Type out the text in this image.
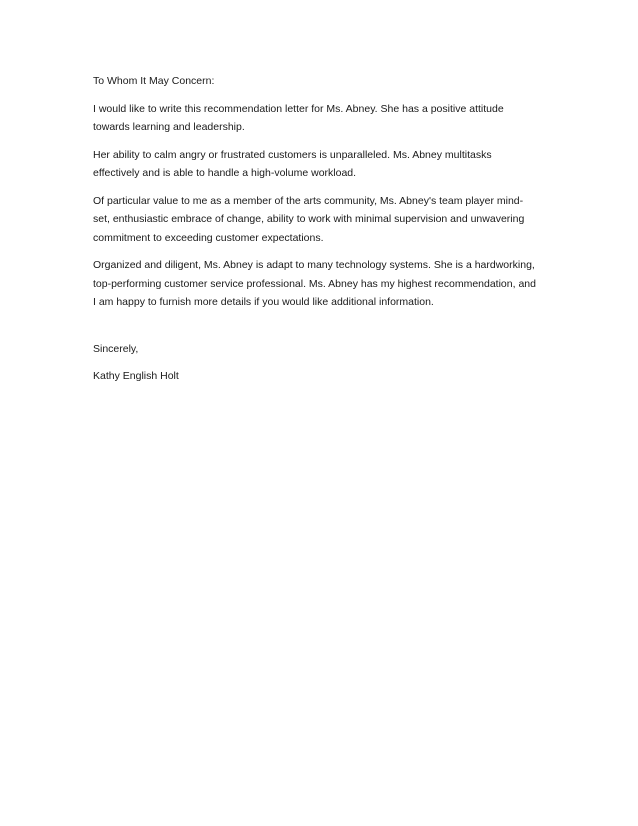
To Whom It May Concern:

I would like to write this recommendation letter for Ms. Abney. She has a positive attitude
towards learning and leadership.

Her ability to calm angry or frustrated customers is unparalleled. Ms. Abney multitasks
effectively and is able to handle a high-volume workload.

Of particular value to me as a member of the arts community, Ms. Abney's team player mind-
set, enthusiastic embrace of change, ability to work with minimal supervision and unwavering
commitment to exceeding customer expectations.

Organized and diligent, Ms. Abney is adapt to many technology systems. She is a hardworking,
top-performing customer service professional. Ms. Abney has my highest recommendation, and
I am happy to furnish more details if you would like additional information.

Sincerely,

Kathy English Holt
